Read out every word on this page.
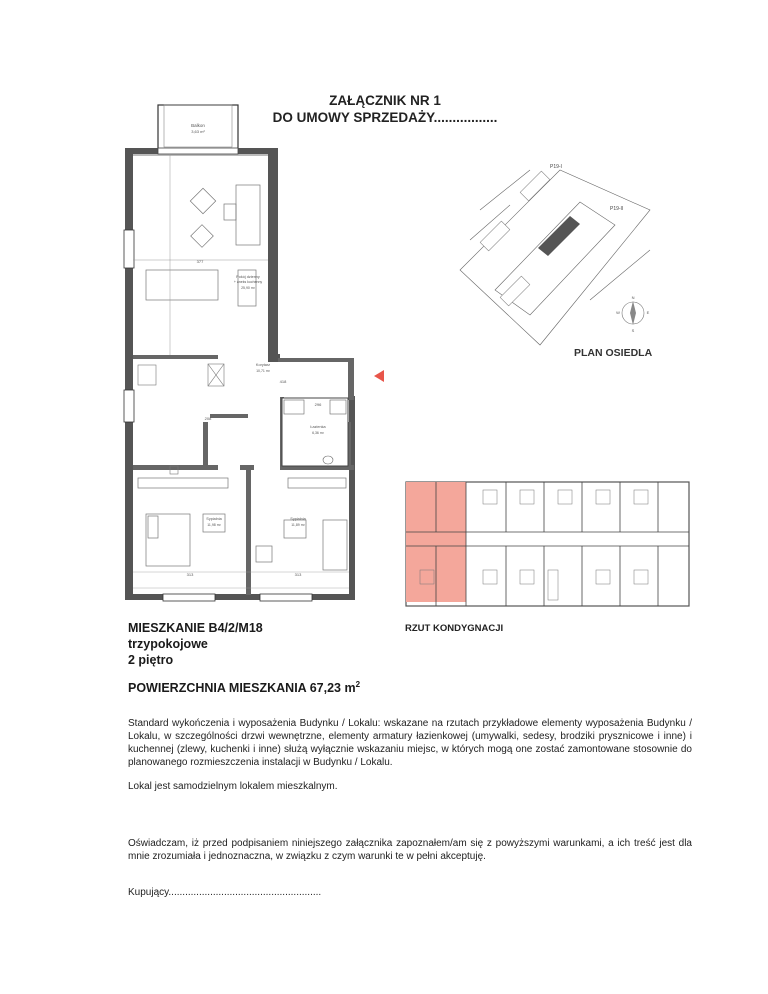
ZAŁĄCZNIK NR 1
DO UMOWY SPRZEDAŻY.................
Balkon
3,63 m²
Łazienka
6,36 m²
Pokój dzienny
+ aneks kuchenny
25,90 m²
Korytarz
10,71 m²
418
208
296
377
Sypialnia
11,98 m²
313
Sypialnia
11,89 m²
313
P19-I
P19-II
N
S
E
W
PLAN OSIEDLA
RZUT KONDYGNACJI
MIESZKANIE B4/2/M18
trzypokojowe
2 piętro
POWIERZCHNIA MIESZKANIA 67,23 $m^2$
Standard wykończenia i wyposażenia Budynku / Lokalu: wskazane na rzutach przykładowe elementy wyposażenia Budynku / Lokalu, w szczególności drzwi wewnętrzne, elementy armatury łazienkowej (umywalki, sedesy, brodziki prysznicowe i inne) i kuchennej (zlewy, kuchenki i inne) służą wyłącznie wskazaniu miejsc, w których mogą one zostać zamontowane stosownie do planowanego rozmieszczenia instalacji w Budynku / Lokalu.
Lokal jest samodzielnym lokalem mieszkalnym.
Oświadczam, iż przed podpisaniem niniejszego załącznika zapoznałem/am się z powyższymi warunkami, a ich treść jest dla mnie zrozumiała i jednoznaczna, w związku z czym warunki te w pełni akceptuję.
Kupujący.......................................................
